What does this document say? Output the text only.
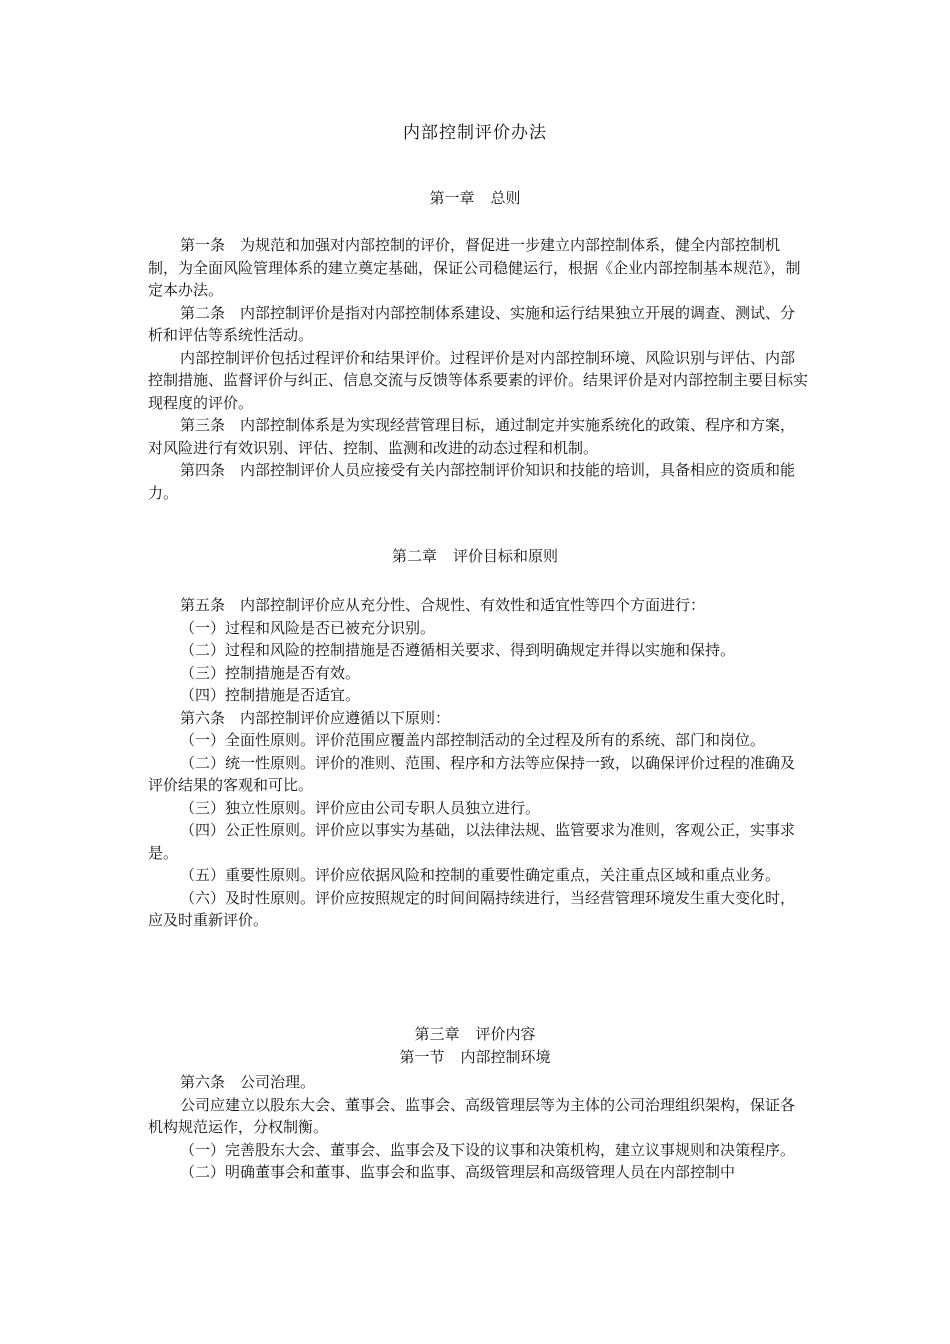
内部控制评价办法
第一章 总则

第一条　为规范和加强对内部控制的评价，督促进一步建立内部控制体系，健全内部控制机制，为全面风险管理体系的建立奠定基础，保证公司稳健运行，根据《企业内部控制基本规范》，制定本办法。

第二条　内部控制评价是指对内部控制体系建设、实施和运行结果独立开展的调查、测试、分析和评估等系统性活动。

内部控制评价包括过程评价和结果评价。过程评价是对内部控制环境、风险识别与评估、内部控制措施、监督评价与纠正、信息交流与反馈等体系要素的评价。结果评价是对内部控制主要目标实现程度的评价。

第三条　内部控制体系是为实现经营管理目标，通过制定并实施系统化的政策、程序和方案，对风险进行有效识别、评估、控制、监测和改进的动态过程和机制。

第四条　内部控制评价人员应接受有关内部控制评价知识和技能的培训，具备相应的资质和能力。

第二章 评价目标和原则

第五条　内部控制评价应从充分性、合规性、有效性和适宜性等四个方面进行：

（一）过程和风险是否已被充分识别。

（二）过程和风险的控制措施是否遵循相关要求、得到明确规定并得以实施和保持。

（三）控制措施是否有效。

（四）控制措施是否适宜。

第六条　内部控制评价应遵循以下原则：

（一）全面性原则。评价范围应覆盖内部控制活动的全过程及所有的系统、部门和岗位。

（二）统一性原则。评价的准则、范围、程序和方法等应保持一致，以确保评价过程的准确及评价结果的客观和可比。

（三）独立性原则。评价应由公司专职人员独立进行。

（四）公正性原则。评价应以事实为基础，以法律法规、监管要求为准则，客观公正，实事求是。

（五）重要性原则。评价应依据风险和控制的重要性确定重点，关注重点区域和重点业务。

（六）及时性原则。评价应按照规定的时间间隔持续进行，当经营管理环境发生重大变化时，应及时重新评价。

第三章 评价内容
第一节 内部控制环境

第六条　公司治理。

公司应建立以股东大会、董事会、监事会、高级管理层等为主体的公司治理组织架构，保证各机构规范运作，分权制衡。

（一）完善股东大会、董事会、监事会及下设的议事和决策机构，建立议事规则和决策程序。

（二）明确董事会和董事、监事会和监事、高级管理层和高级管理人员在内部控制中
